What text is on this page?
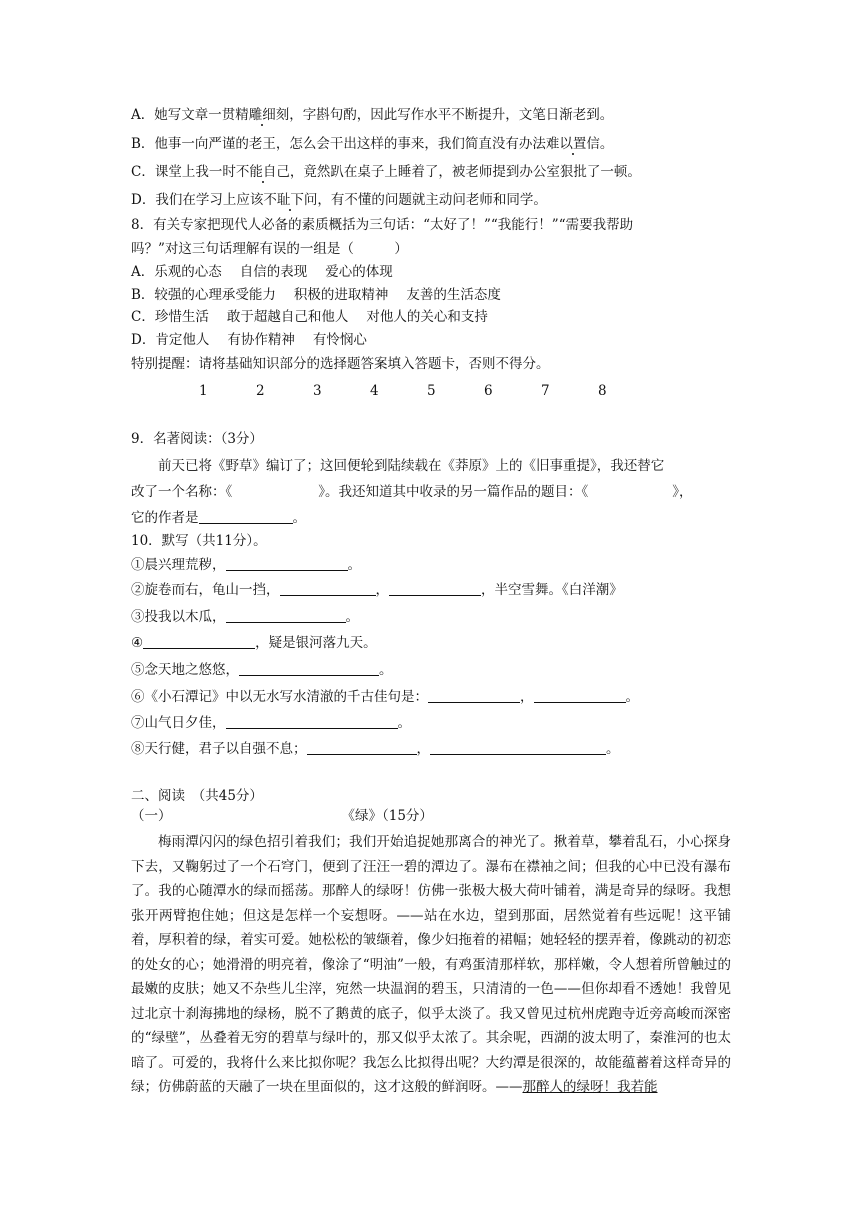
A．她写文章一贯精雕细刻，字斟句酌，因此写作水平不断提升，文笔日渐老到。
B．他事一向严谨的老王，怎么会干出这样的事来，我们简直没有办法难以置信。
C．课堂上我一时不能自己，竟然趴在桌子上睡着了，被老师提到办公室狠批了一顿。
D．我们在学习上应该不耻下问，有不懂的问题就主动问老师和同学。
8．有关专家把现代人必备的素质概括为三句话：“太好了！”“我能行！”“需要我帮助
吗？”对这三句话理解有误的一组是（　　　）
A．乐观的心态 自信的表现 爱心的体现
B．较强的心理承受能力 积极的进取精神 友善的生活态度
C．珍惜生活 敢于超越自己和他人 对他人的关心和支持
D．肯定他人 有协作精神 有怜悯心
特别提醒：请将基础知识部分的选择题答案填入答题卡，否则不得分。
1	2	3	4	5	6	7	8
9．名著阅读：（3分）
前天已将《野草》编订了；这回便轮到陆续载在《莽原》上的《旧事重提》，我还替它
改了一个名称：《	》。我还知道其中收录的另一篇作品的题目：《	》，
它的作者是	。
10．默写（共11分）。
①晨兴理荒秽，	。
②旋卷而右，龟山一挡，	，	，半空雪舞。《白洋潮》
③投我以木瓜，	。
④	，疑是银河落九天。
⑤念天地之悠悠，	。
⑥《小石潭记》中以无水写水清澈的千古佳句是：	，	。
⑦山气日夕佳，	。
⑧天行健，君子以自强不息；	，	。
二、阅读　（共45分）
（一）	《绿》（15分）
梅雨潭闪闪的绿色招引着我们；我们开始追捉她那离合的神光了。揪着草，攀着乱石，小心探身下去，又鞠躬过了一个石穹门，便到了汪汪一碧的潭边了。瀑布在襟袖之间；但我的心中已没有瀑布了。我的心随潭水的绿而摇荡。那醉人的绿呀！仿佛一张极大极大荷叶铺着，满是奇异的绿呀。我想张开两臂抱住她；但这是怎样一个妄想呀。——站在水边，望到那面，居然觉着有些远呢！这平铺着，厚积着的绿，着实可爱。她松松的皱缬着，像少妇拖着的裙幅；她轻轻的摆弄着，像跳动的初恋的处女的心；她滑滑的明亮着，像涂了“明油”一般，有鸡蛋清那样软，那样嫩，令人想着所曾触过的最嫩的皮肤；她又不杂些儿尘滓，宛然一块温润的碧玉，只清清的一色——但你却看不透她！我曾见过北京十刹海拂地的绿杨，脱不了鹅黄的底子，似乎太淡了。我又曾见过杭州虎跑寺近旁高峻而深密的“绿壁”，丛叠着无穷的碧草与绿叶的，那又似乎太浓了。其余呢，西湖的波太明了，秦淮河的也太暗了。可爱的，我将什么来比拟你呢？我怎么比拟得出呢？大约潭是很深的，故能蕴蓄着这样奇异的绿；仿佛蔚蓝的天融了一块在里面似的，这才这般的鲜润呀。——那醉人的绿呀！我若能
